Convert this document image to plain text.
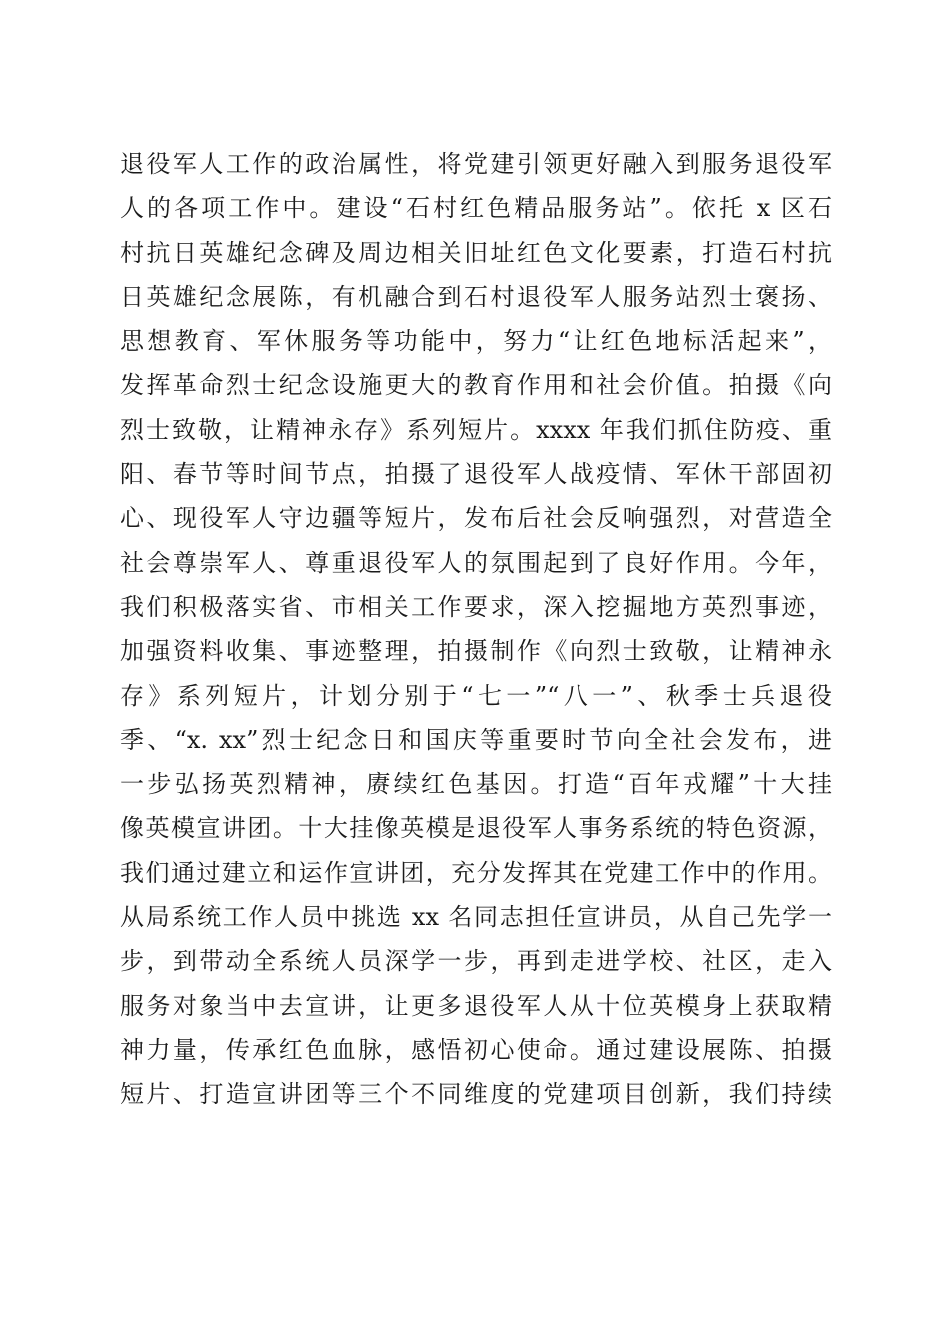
退役军人工作的政治属性，将党建引领更好融入到服务退役军
人的各项工作中。建设“石村红色精品服务站”。依托 x 区石
村抗日英雄纪念碑及周边相关旧址红色文化要素，打造石村抗
日英雄纪念展陈，有机融合到石村退役军人服务站烈士褒扬、
思想教育、军休服务等功能中，努力“让红色地标活起来”，
发挥革命烈士纪念设施更大的教育作用和社会价值。拍摄《向
烈士致敬，让精神永存》系列短片。xxxx 年我们抓住防疫、重
阳、春节等时间节点，拍摄了退役军人战疫情、军休干部固初
心、现役军人守边疆等短片，发布后社会反响强烈，对营造全
社会尊崇军人、尊重退役军人的氛围起到了良好作用。今年，
我们积极落实省、市相关工作要求，深入挖掘地方英烈事迹，
加强资料收集、事迹整理，拍摄制作《向烈士致敬，让精神永
存》系列短片，计划分别于“七一”“八一”、秋季士兵退役
季、“x. xx”烈士纪念日和国庆等重要时节向全社会发布，进
一步弘扬英烈精神，赓续红色基因。打造“百年戎耀”十大挂
像英模宣讲团。十大挂像英模是退役军人事务系统的特色资源，
我们通过建立和运作宣讲团，充分发挥其在党建工作中的作用。
从局系统工作人员中挑选 xx 名同志担任宣讲员，从自己先学一
步，到带动全系统人员深学一步，再到走进学校、社区，走入
服务对象当中去宣讲，让更多退役军人从十位英模身上获取精
神力量，传承红色血脉，感悟初心使命。通过建设展陈、拍摄
短片、打造宣讲团等三个不同维度的党建项目创新，我们持续
